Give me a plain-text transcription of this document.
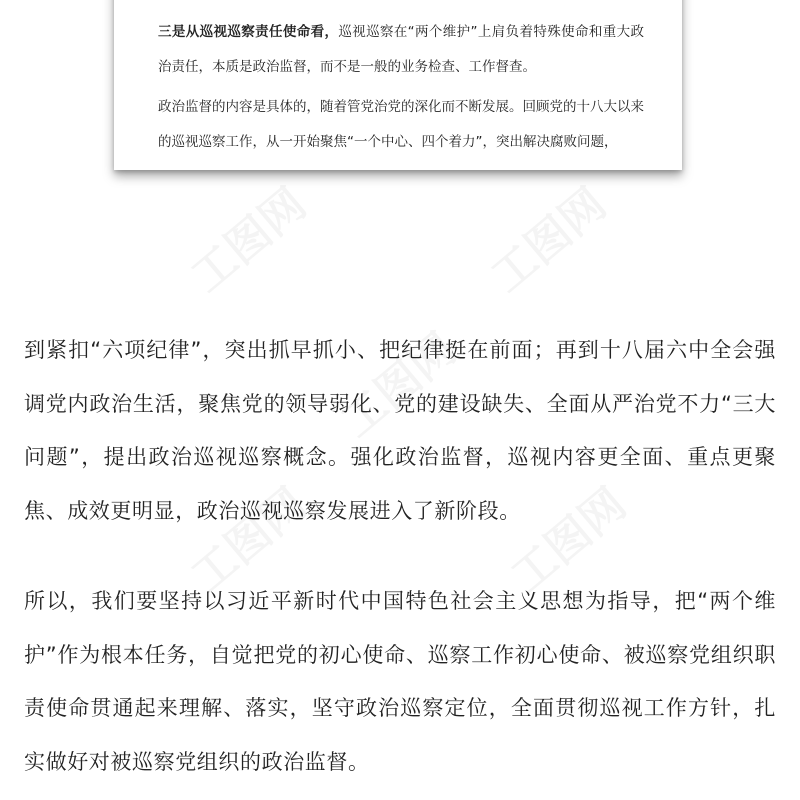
三是从巡视巡察责任使命看，巡视巡察在“两个维护”上肩负着特殊使命和重大政治责任，本质是政治监督，而不是一般的业务检查、工作督查。

政治监督的内容是具体的，随着管党治党的深化而不断发展。回顾党的十八大以来的巡视巡察工作，从一开始聚焦“一个中心、四个着力”，突出解决腐败问题，

到紧扣“六项纪律”，突出抓早抓小、把纪律挺在前面；再到十八届六中全会强调党内政治生活，聚焦党的领导弱化、党的建设缺失、全面从严治党不力“三大问题”，提出政治巡视巡察概念。强化政治监督，巡视内容更全面、重点更聚焦、成效更明显，政治巡视巡察发展进入了新阶段。

所以，我们要坚持以习近平新时代中国特色社会主义思想为指导，把“两个维护”作为根本任务，自觉把党的初心使命、巡察工作初心使命、被巡察党组织职责使命贯通起来理解、落实，坚守政治巡察定位，全面贯彻巡视工作方针，扎实做好对被巡察党组织的政治监督。
